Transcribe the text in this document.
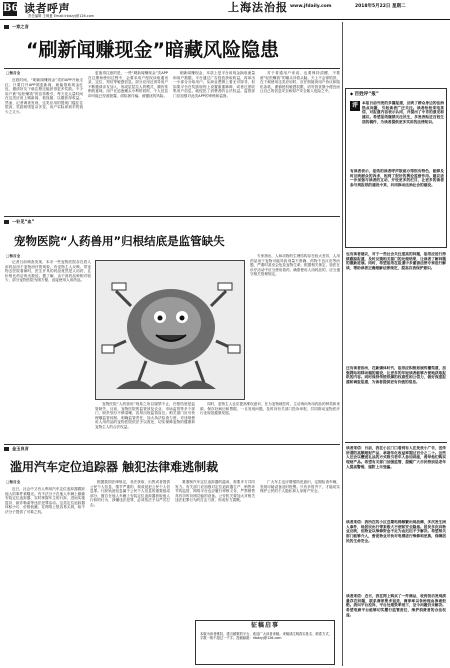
B6 读者呼声
责任编辑 王嵘夏 Email:lrbdzyj@126.com
上海法治报 www.jfdaily.com	2018年5月22日 星期二
一家之言
“刷新闻赚现金”暗藏风险隐患
□杨召全

近段时间，“刷新闻赚现金”类的APP开始走红。只要打开APP浏览新闻，就能领取现金红包，邀请好友下载注册还能获得更多奖励。不少用户被“轻松赚钱”的宣传吸引，每天花大量时间在这类应用上刷新闻、看视频，以期获得收益。然而，记者调查发现，这类应用的提现门槛往往很高，奖励规则复杂多变，用户实际拿到手的钱少之又少。

更值得注意的是，一些“刷新闻赚现金”类APP在注册和使用过程中，会要求用户授权读取通讯录、定位、短信等敏感信息。部分应用还诱导用户不断邀请亲友加入，形成层层拉人的模式，颇有传销的意味。用户在追逐蝇头小利的同时，个人信息却可能已经被泄露，面临被诈骗、被骚扰的风险。

刷新闻赚现金，本质上是平台用现金换取流量和用户数据。平台通过广告投放获取收益，再拿出一小部分分给用户。从商业逻辑上看无可厚非，但如果平台在奖励规则上设置重重障碍，或者过度收集用户信息，就侵犯了消费者的合法权益。监管部门应加强对此类APP的审核和监督。

对于普通用户来说，也要保持清醒，不要被“轻松赚钱”的噱头冲昏头脑。天上不会掉馅饼，在下载使用这类应用时，应仔细阅读用户协议和隐私条款，谨慎授权敏感权限，切勿因贪图小便宜而让自己的信息安全和财产安全陷入危险之中。

◆ 百姓评“报”
评	本报日前刊发的多篇报道，反映了群众身边的法治热点问题，引起读者广泛关注。读者纷纷来电来信，对报道内容表示认同，并提出了中肯的意见和建议。希望报纸继续关注民生，多发表贴近百姓生活的稿件，为读者提供更多实用的法律知识。
有读者表示，报纸的读者呼声版面办得很有特色，能够及时反映群众的诉求，起到了很好的舆论监督作用。建议进一步加强与读者的互动，开设更多的栏目，让更多的读者参与到报纸的建设中来，共同推动法治社会的建设。
也有读者建议，对于一些社会关注度高的问题，报纸应进行持续跟踪报道，及时反馈相关部门的处理结果，让读者了解问题的最新进展。同时，希望报纸在报道中多邀请法律专家进行解读，帮助读者正确理解法律规定，提高自我保护意识。
还有读者指出，在新媒体时代，报纸应积极拓展传播渠道，加强网站和移动端的建设，让更多的年轻读者能够方便地获取报纸的内容。同时保持传统纸媒的权威性和公信力，做好深度报道和调查报道，为读者提供更有价值的信息。
一针见“血”
宠物医院“人药兽用”归根结底是监管缺失
□杨召全

记者日前调查发现，本市一些宠物医院存在将人用药品用于宠物治疗的现象。有宠物主人反映，带宠物去医院看病时，医生开具的药品竟然是人用药，且价格比药店贵出数倍。据了解，由于兽药品种相对较少，部分宠物医院为图方便，直接使用人用药品。

专家指出，人和动物的生理结构存在较大差异，人用药品用于宠物可能导致剂量不准确、药物不良反应等问题，严重时甚至会危及宠物生命。根据相关规定，兽医在诊疗活动中应当使用兽药，确需使用人用药品的，应当遵守相关管理规定。

宠物医院“人药兽用”现象之所以屡禁不止，归根结底是监管缺失。目前，宠物医院的监管涉及农业、市场监管等多个部门，职责划分不够清晰，容易出现监管盲区。相关部门应尽快理顺监管体制，明确监管责任，加大执法检查力度，对违规使用人用药品的宠物医院依法予以查处，切实保障宠物的健康和宠物主人的合法权益。

同时，宠物主人也应提高维权意识，在为宠物就医时，主动询问所用药品的种类和来源，保存好病历和票据，一旦发现问题，及时向有关部门投诉举报，共同推动宠物医疗行业规范健康发展。

金玉良言
滥用汽车定位追踪器 触犯法律难逃制裁
□杨召全

近日，社会中又有人利用汽车定位追踪器跟踪他人的事件被曝光。有不法分子在他人车辆上偷偷安装定位追踪器，实时掌握车主的行踪，进而实施盗窃、敲诈勒索等违法犯罪活动。这类定位追踪器体积小巧、价格低廉，在网络上很容易买到，给不法分子提供了可乘之机。

根据我国法律规定，非法获取、出售或者提供公民个人信息，情节严重的，构成侵犯公民个人信息罪。行踪轨迹信息属于公民个人信息的重要组成部分，擅自在他人车辆上安装定位追踪器获取他人行踪的行为，涉嫌违法犯罪，必须依法予以严厉打击。

要遏制汽车定位追踪器的滥用，需要多方共同发力。有关部门应加强对定位追踪器生产、销售环节的监管，网络平台也应履行审核义务，严禁销售具有窃听窃照功能的设备。公安机关要加大对相关违法犯罪行为的打击力度，形成有力震慑。

广大车主也应增强防范意识，定期检查车辆，发现可疑设备及时报警。只有多管齐下，才能切实保护公民的个人隐私和人身财产安全。

读者来信：日前，我在小区门口看到有人在发放小广告，宣传所谓的高额理财产品，承诺年化收益率超过百分之二十。这些人还会以赠送礼品的方式吸引老年人参加讲座，诱导他们购买理财产品。希望有关部门加强监管，提醒广大市民特别是老年人提高警惕，谨防上当受骗。
读者来信：我所在的小区近期电梯频繁出现故障，多次发生困人事件，给居民出行带来极大不便和安全隐患。居民多次向物业反映，但物业以维修资金不足为由迟迟不予解决。希望相关部门能够介入，督促物业尽快对电梯进行维修和更换，保障居民的生命安全。
读者来信：近日，我在网上购买了一件商品，收到货后发现质量存在问题，联系商家要求退货，商家却以各种理由推诿拒绝。我向平台投诉，平台处理效率低下，至今问题仍未解决。希望电商平台能够切实履行监管责任，维护消费者的合法权益。
征稿启事
本版为读者维权、建言献策的平台，欢迎广大读者来稿。来稿请注明真实姓名、联系方式，字数一般不超过一千字。投稿邮箱：lrbdzyj@126.com
